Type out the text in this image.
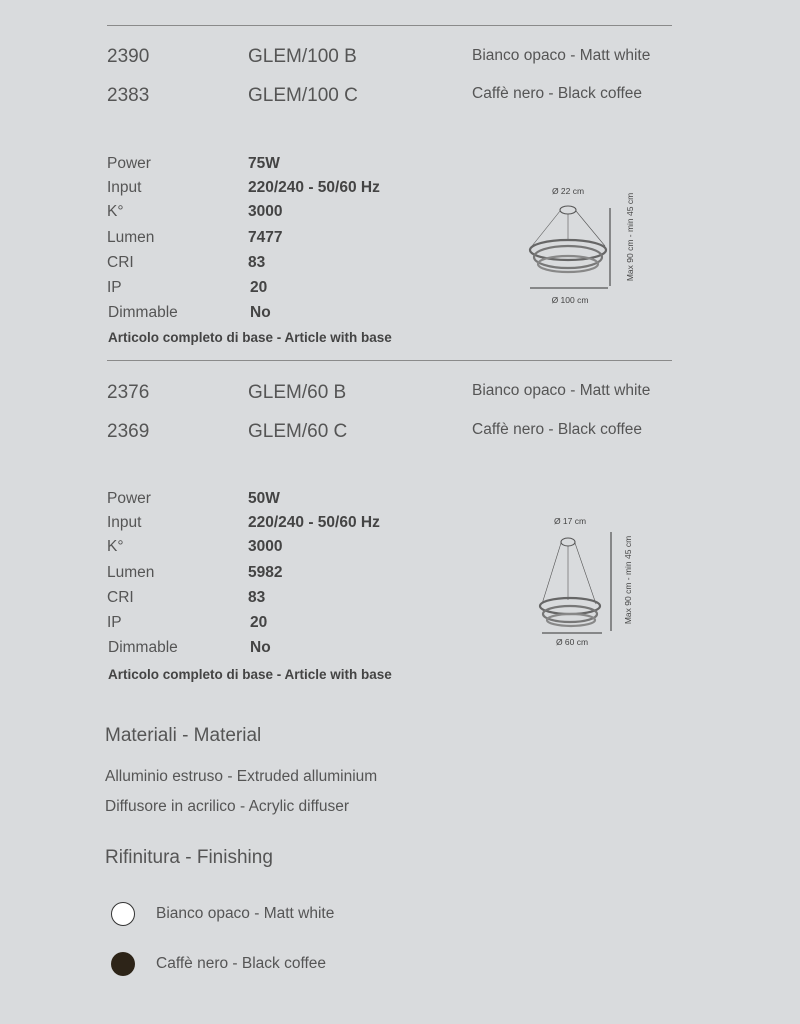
2390	GLEM/100 B	Bianco opaco - Matt white
2383	GLEM/100 C	Caffè nero - Black coffee
Power	75W
Input	220/240 - 50/60 Hz
K°	3000
Lumen	7477
CRI	83
IP	20
Dimmable	No
Articolo completo di base - Article with base
Ø 22 cm
Ø 100 cm
Max 90 cm - min 45 cm
2376	GLEM/60 B	Bianco opaco - Matt white
2369	GLEM/60 C	Caffè nero - Black coffee
Power	50W
Input	220/240 - 50/60 Hz
K°	3000
Lumen	5982
CRI	83
IP	20
Dimmable	No
Articolo completo di base - Article with base
Ø 17 cm
Ø 60 cm
Max 90 cm - min 45 cm
Materiali - Material
Alluminio estruso - Extruded alluminium
Diffusore in acrilico - Acrylic diffuser
Rifinitura - Finishing
Bianco opaco - Matt white
Caffè nero - Black coffee
